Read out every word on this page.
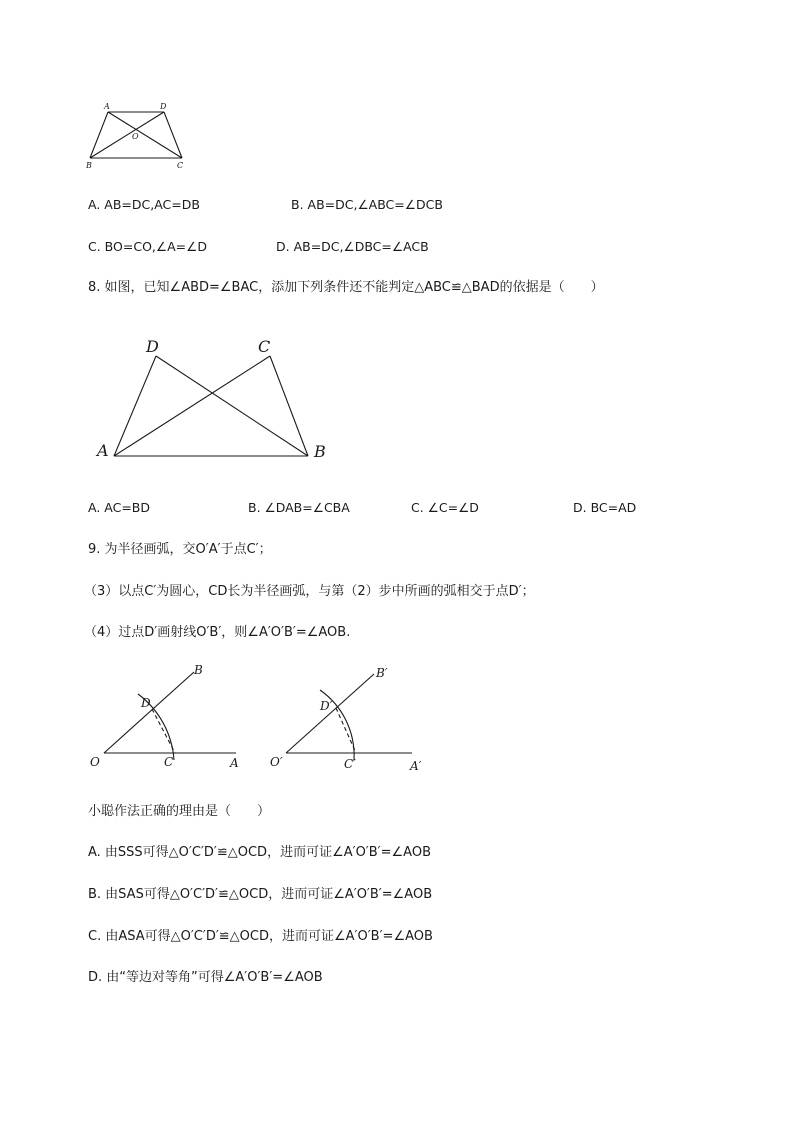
A	D
O
B	C
A. AB=DC,AC=DB	B. AB=DC,∠ABC=∠DCB
C. BO=CO,∠A=∠D	D. AB=DC,∠DBC=∠ACB
8. 如图，已知∠ABD=∠BAC，添加下列条件还不能判定△ABC≌△BAD的依据是（　　）
D	C
A	B
A. AC=BD	B. ∠DAB=∠CBA	C. ∠C=∠D	D. BC=AD
9. 为半径画弧，交O′A′于点C′；
（3）以点C′为圆心，CD长为半径画弧，与第（2）步中所画的弧相交于点D′；
（4）过点D′画射线O′B′，则∠A′O′B′=∠AOB.
O	A
B
C
D
O′	A′
B′
C′
D′
小聪作法正确的理由是（　　）
A. 由SSS可得△O′C′D′≌△OCD，进而可证∠A′O′B′=∠AOB
B. 由SAS可得△O′C′D′≌△OCD，进而可证∠A′O′B′=∠AOB
C. 由ASA可得△O′C′D′≌△OCD，进而可证∠A′O′B′=∠AOB
D. 由“等边对等角”可得∠A′O′B′=∠AOB
